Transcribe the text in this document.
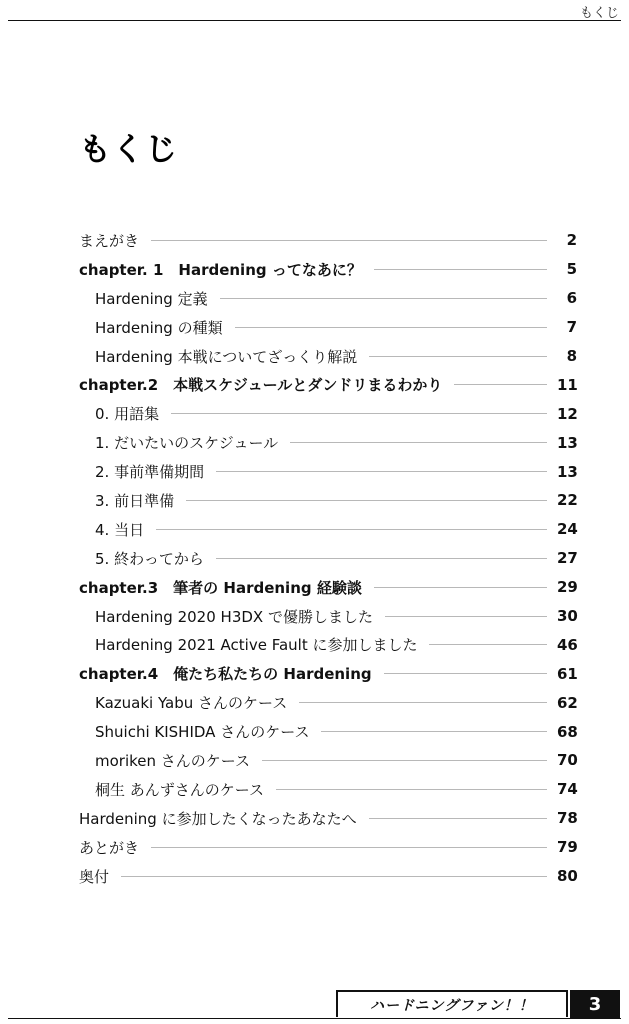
もくじ
もくじ
まえがき	2
chapter. 1　Hardening ってなあに？	5
Hardening 定義	6
Hardening の種類	7
Hardening 本戦についてざっくり解説	8
chapter.2　本戦スケジュールとダンドリまるわかり	11
0. 用語集	12
1. だいたいのスケジュール	13
2. 事前準備期間	13
3. 前日準備	22
4. 当日	24
5. 終わってから	27
chapter.3　筆者の Hardening 経験談	29
Hardening 2020 H3DX で優勝しました	30
Hardening 2021 Active Fault に参加しました	46
chapter.4　俺たち私たちの Hardening	61
Kazuaki Yabu さんのケース	62
Shuichi KISHIDA さんのケース	68
moriken さんのケース	70
桐生 あんずさんのケース	74
Hardening に参加したくなったあなたへ	78
あとがき	79
奥付	80
ハードニングファン！！	3
